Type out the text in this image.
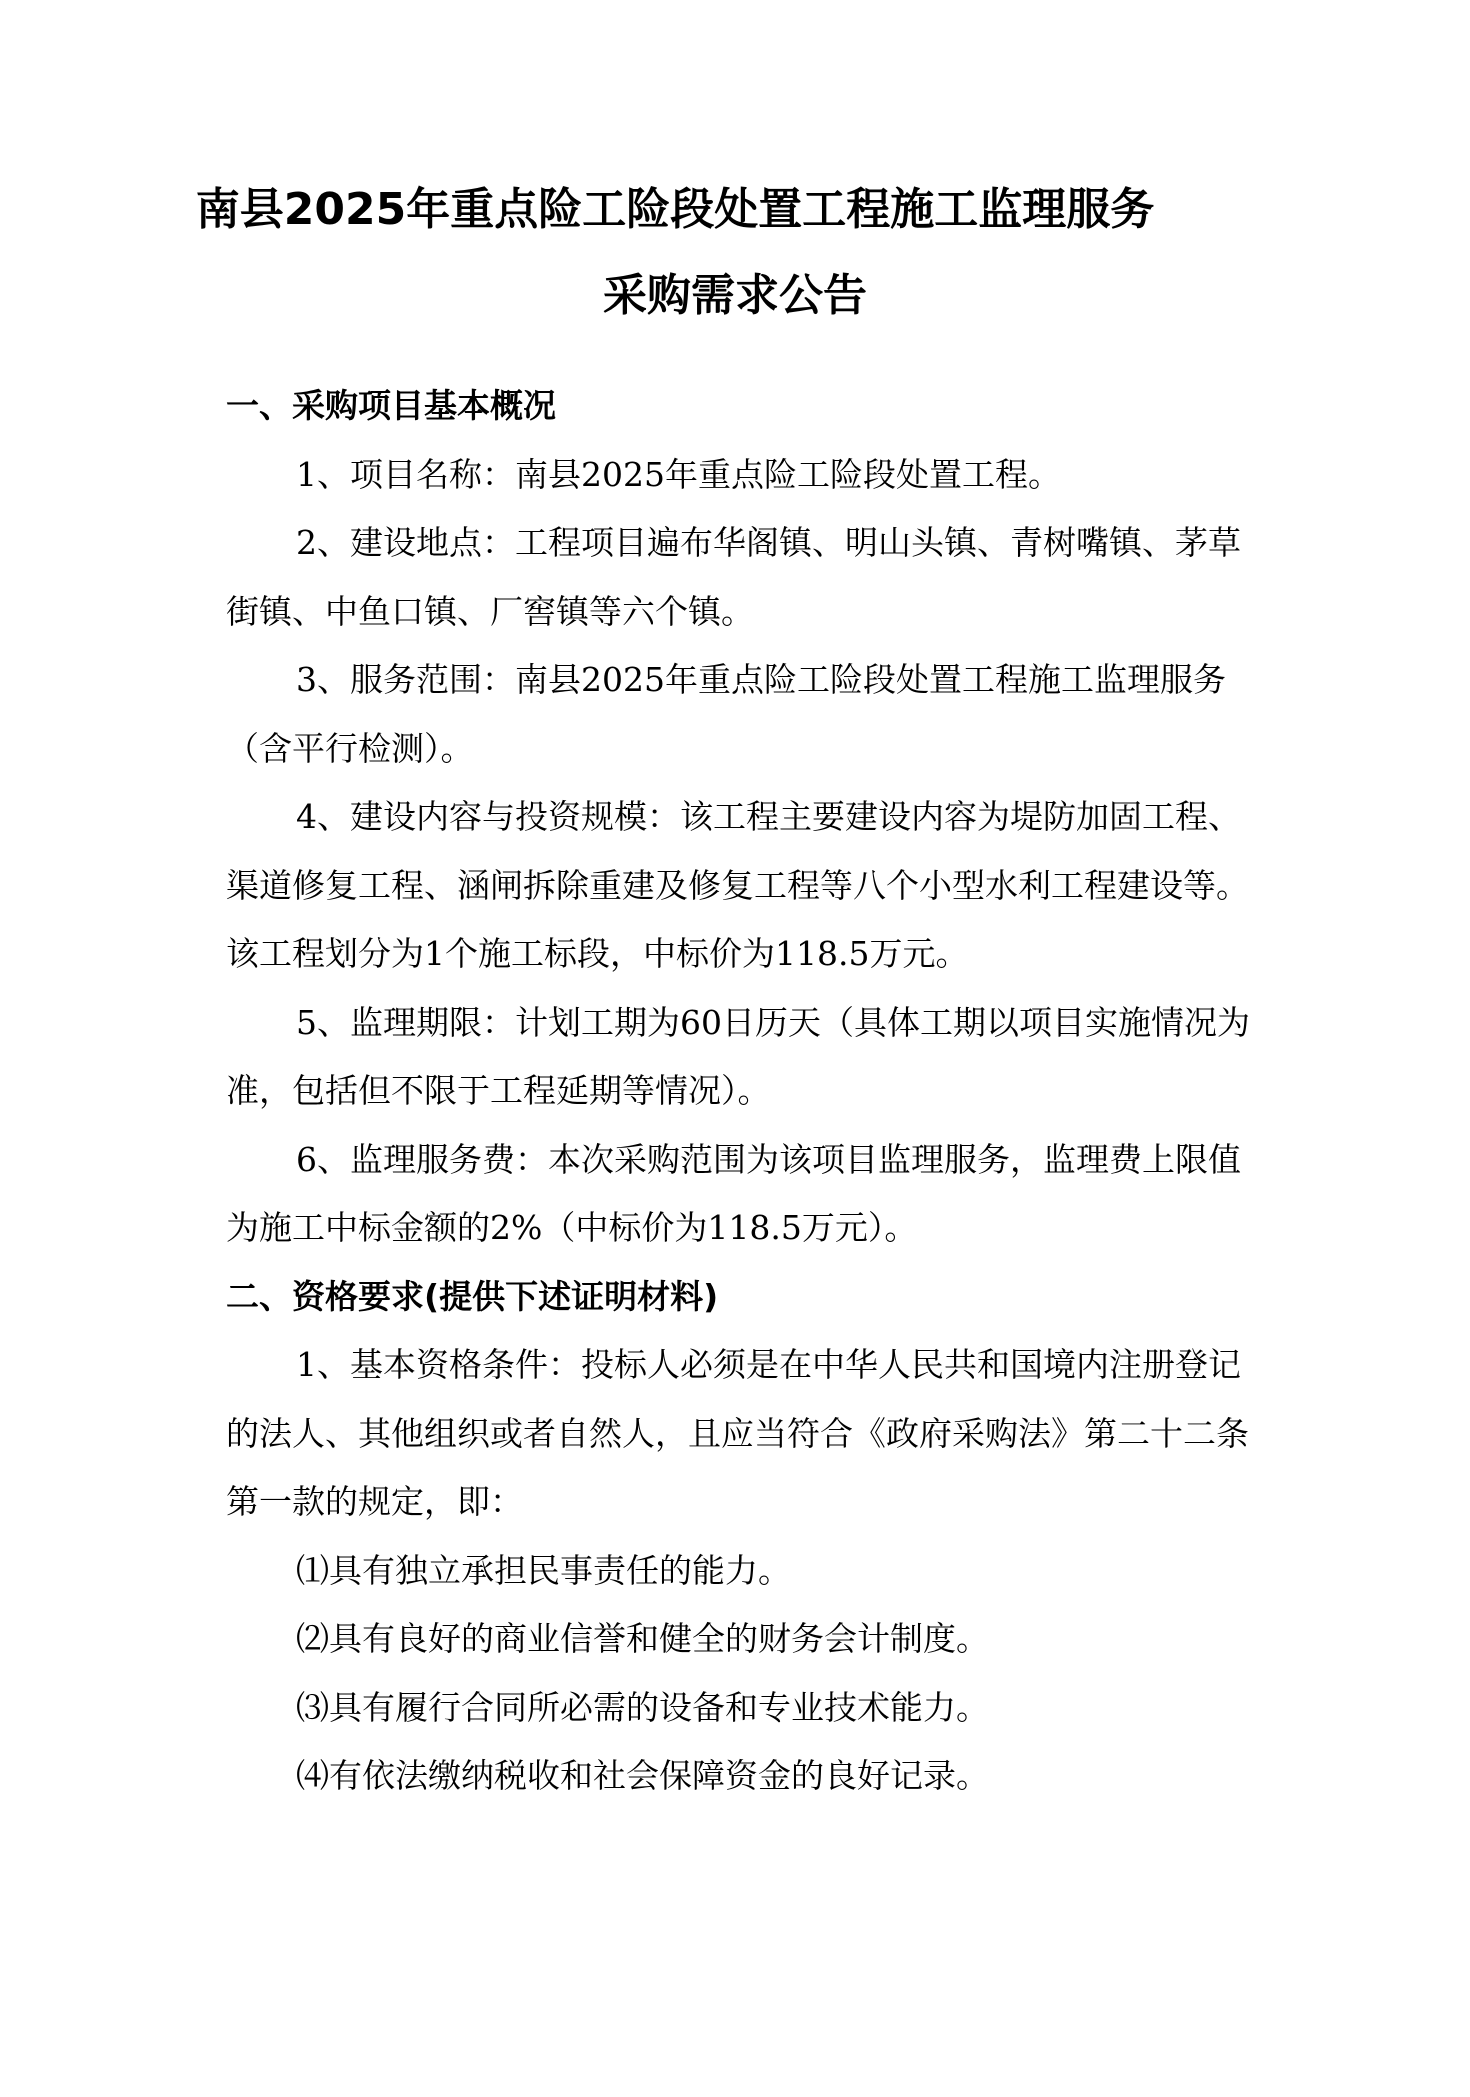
南县2025年重点险工险段处置工程施工监理服务
采购需求公告

一、采购项目基本概况

1、项目名称：南县2025年重点险工险段处置工程。

2、建设地点：工程项目遍布华阁镇、明山头镇、青树嘴镇、茅草街镇、中鱼口镇、厂窖镇等六个镇。

3、服务范围：南县2025年重点险工险段处置工程施工监理服务（含平行检测）。

4、建设内容与投资规模：该工程主要建设内容为堤防加固工程、渠道修复工程、涵闸拆除重建及修复工程等八个小型水利工程建设等。该工程划分为1个施工标段，中标价为118.5万元。

5、监理期限：计划工期为60日历天（具体工期以项目实施情况为准，包括但不限于工程延期等情况）。

6、监理服务费：本次采购范围为该项目监理服务，监理费上限值为施工中标金额的2%（中标价为118.5万元）。

二、资格要求(提供下述证明材料)

1、基本资格条件：投标人必须是在中华人民共和国境内注册登记的法人、其他组织或者自然人，且应当符合《政府采购法》第二十二条第一款的规定，即：

⑴具有独立承担民事责任的能力。

⑵具有良好的商业信誉和健全的财务会计制度。

⑶具有履行合同所必需的设备和专业技术能力。

⑷有依法缴纳税收和社会保障资金的良好记录。
